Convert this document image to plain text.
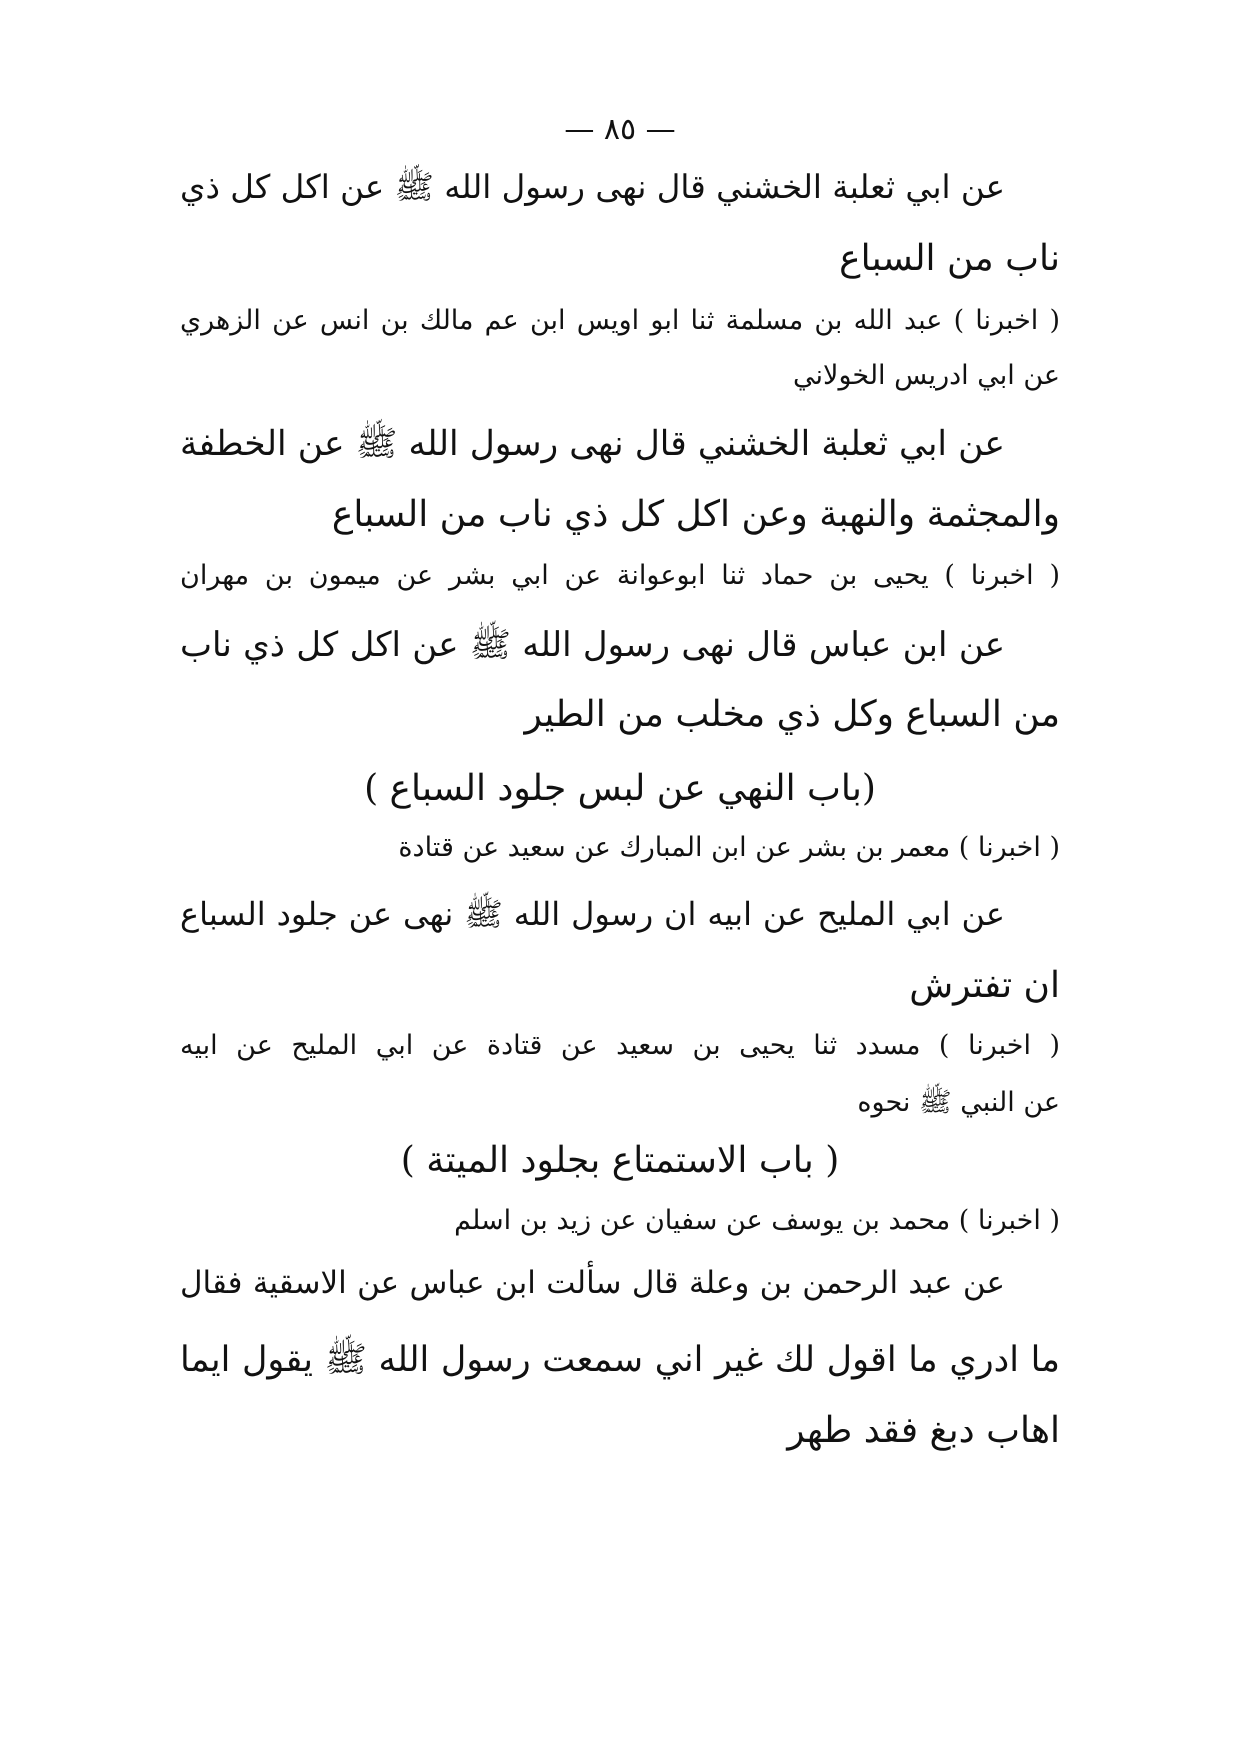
— ٨٥ —
عن ابي ثعلبة الخشني قال نهى رسول الله ﷺ عن اكل كل ذي
ناب من السباع
( اخبرنا ) عبد الله بن مسلمة ثنا ابو اويس ابن عم مالك بن انس عن الزهري
عن ابي ادريس الخولاني
عن ابي ثعلبة الخشني قال نهى رسول الله ﷺ عن الخطفة
والمجثمة والنهبة وعن اكل كل ذي ناب من السباع
( اخبرنا ) يحيى بن حماد ثنا ابوعوانة عن ابي بشر عن ميمون بن مهران
عن ابن عباس قال نهى رسول الله ﷺ عن اكل كل ذي ناب
من السباع وكل ذي مخلب من الطير
(باب النهي عن لبس جلود السباع )
( اخبرنا ) معمر بن بشر عن ابن المبارك عن سعيد عن قتادة
عن ابي المليح عن ابيه ان رسول الله ﷺ نهى عن جلود السباع
ان تفترش
( اخبرنا ) مسدد ثنا يحيى بن سعيد عن قتادة عن ابي المليح عن ابيه
عن النبي ﷺ نحوه
( باب الاستمتاع بجلود الميتة )
( اخبرنا ) محمد بن يوسف عن سفيان عن زيد بن اسلم
عن عبد الرحمن بن وعلة قال سألت ابن عباس عن الاسقية فقال
ما ادري ما اقول لك غير اني سمعت رسول الله ﷺ يقول ايما
اهاب دبغ فقد طهر
